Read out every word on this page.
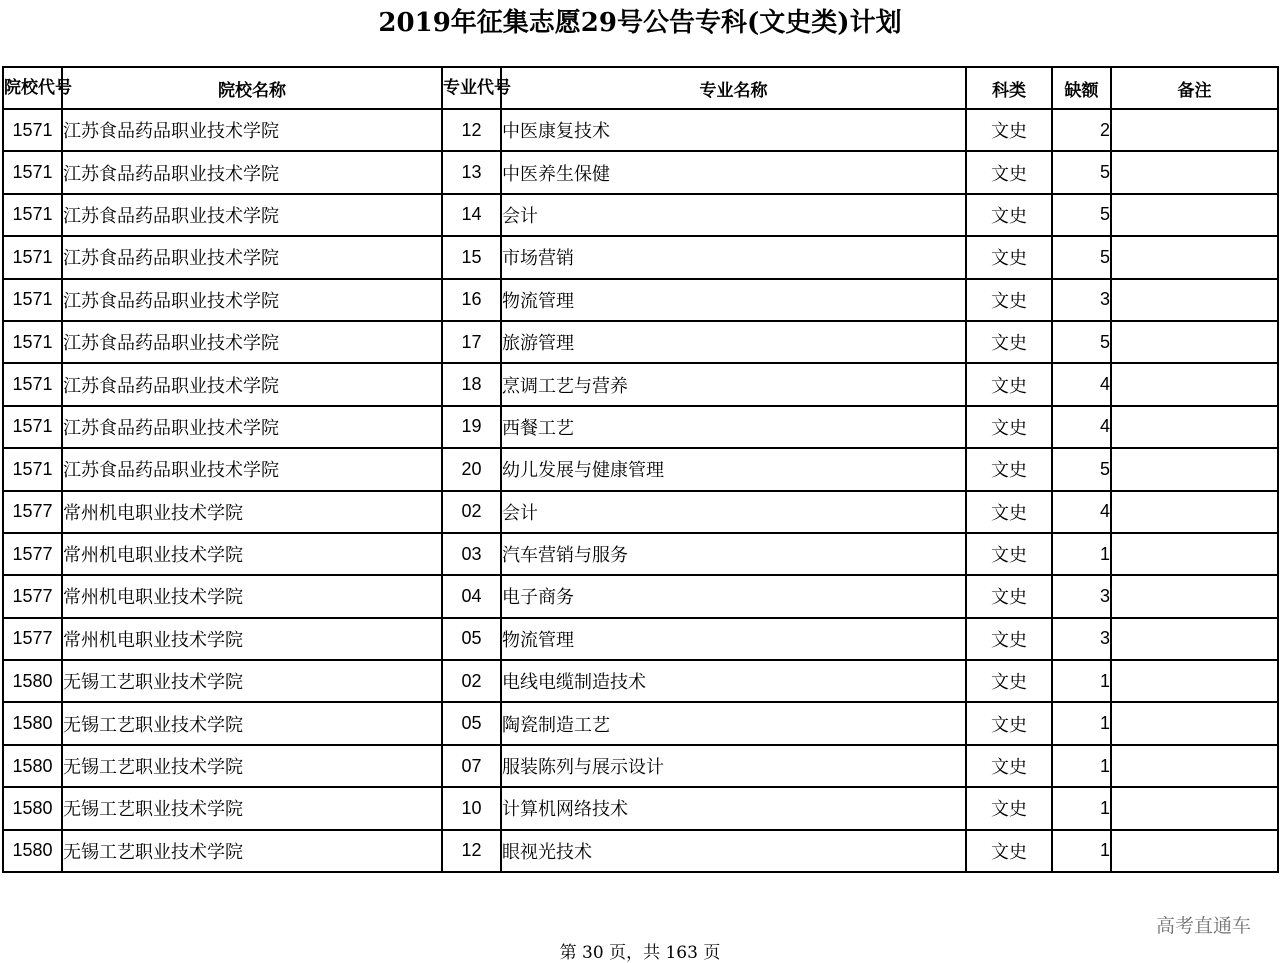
2019年征集志愿29号公告专科(文史类)计划
院校代号	院校名称	专业代号	专业名称	科类	缺额	备注
1571	江苏食品药品职业技术学院	12	中医康复技术	文史	2	
1571	江苏食品药品职业技术学院	13	中医养生保健	文史	5	
1571	江苏食品药品职业技术学院	14	会计	文史	5	
1571	江苏食品药品职业技术学院	15	市场营销	文史	5	
1571	江苏食品药品职业技术学院	16	物流管理	文史	3	
1571	江苏食品药品职业技术学院	17	旅游管理	文史	5	
1571	江苏食品药品职业技术学院	18	烹调工艺与营养	文史	4	
1571	江苏食品药品职业技术学院	19	西餐工艺	文史	4	
1571	江苏食品药品职业技术学院	20	幼儿发展与健康管理	文史	5	
1577	常州机电职业技术学院	02	会计	文史	4	
1577	常州机电职业技术学院	03	汽车营销与服务	文史	1	
1577	常州机电职业技术学院	04	电子商务	文史	3	
1577	常州机电职业技术学院	05	物流管理	文史	3	
1580	无锡工艺职业技术学院	02	电线电缆制造技术	文史	1	
1580	无锡工艺职业技术学院	05	陶瓷制造工艺	文史	1	
1580	无锡工艺职业技术学院	07	服装陈列与展示设计	文史	1	
1580	无锡工艺职业技术学院	10	计算机网络技术	文史	1	
1580	无锡工艺职业技术学院	12	眼视光技术	文史	1	
高考直通车
第 30 页，共 163 页
